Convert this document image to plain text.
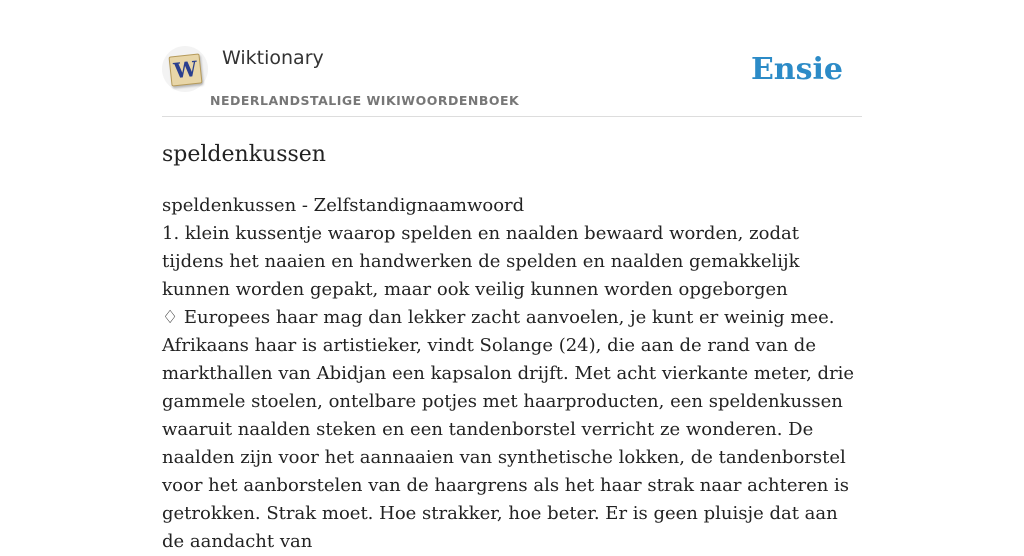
W Wiktionary
NEDERLANDSTALIGE WIKIWOORDENBOEK
Ensie
speldenkussen

speldenkussen - Zelfstandignaamwoord

1. klein kussentje waarop spelden en naalden bewaard worden, zodat tijdens het naaien en handwerken de spelden en naalden gemakkelijk kunnen worden gepakt, maar ook veilig kunnen worden opgeborgen

♢ Europees haar mag dan lekker zacht aanvoelen, je kunt er weinig mee. Afrikaans haar is artistieker, vindt Solange (24), die aan de rand van de markthallen van Abidjan een kapsalon drijft. Met acht vierkante meter, drie gammele stoelen, ontelbare potjes met haarproducten, een speldenkussen waaruit naalden steken en een tandenborstel verricht ze wonderen. De naalden zijn voor het aannaaien van synthetische lokken, de tandenborstel voor het aanborstelen van de haargrens als het haar strak naar achteren is getrokken. Strak moet. Hoe strakker, hoe beter. Er is geen pluisje dat aan de aandacht van
